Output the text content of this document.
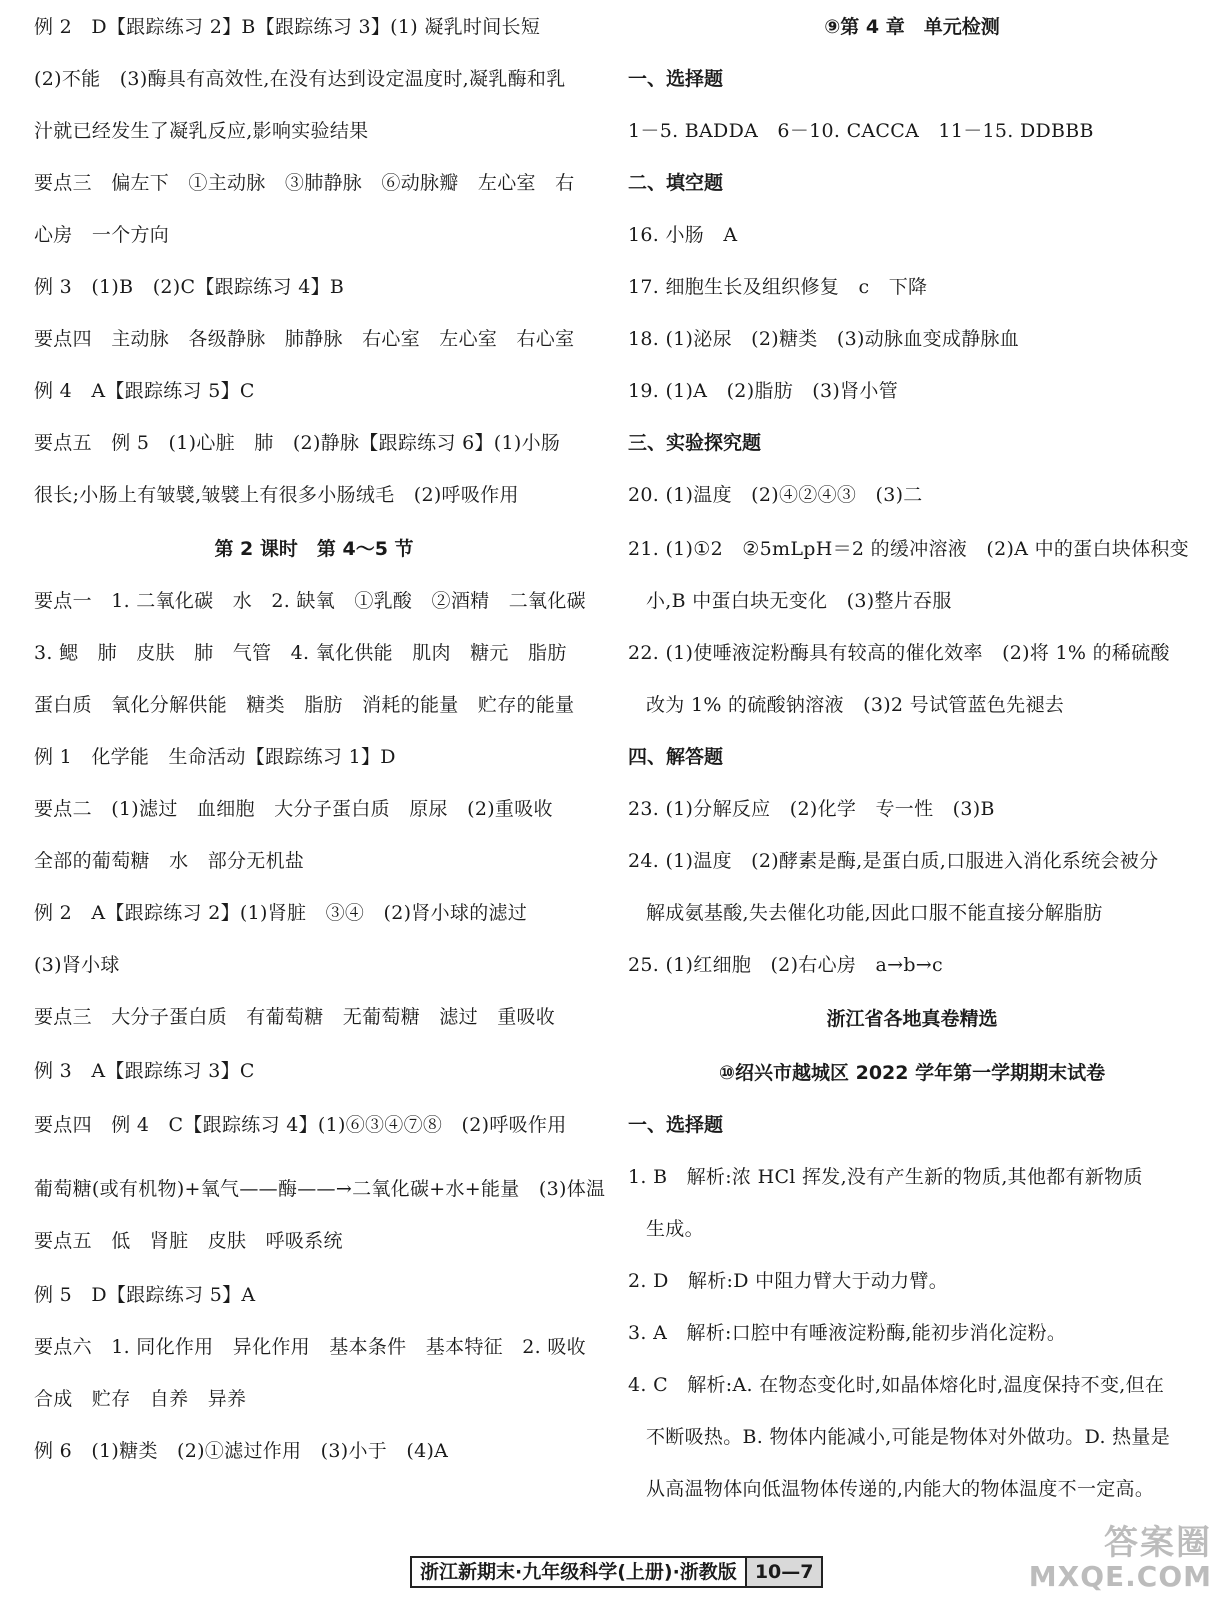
例 2　D【跟踪练习 2】B【跟踪练习 3】(1) 凝乳时间长短
(2)不能　(3)酶具有高效性,在没有达到设定温度时,凝乳酶和乳
汁就已经发生了凝乳反应,影响实验结果
要点三　偏左下　①主动脉　③肺静脉　⑥动脉瓣　左心室　右
心房　一个方向
例 3　(1)B　(2)C【跟踪练习 4】B
要点四　主动脉　各级静脉　肺静脉　右心室　左心室　右心室
例 4　A【跟踪练习 5】C
要点五　例 5　(1)心脏　肺　(2)静脉【跟踪练习 6】(1)小肠
很长;小肠上有皱襞,皱襞上有很多小肠绒毛　(2)呼吸作用
第 2 课时　第 4～5 节
要点一　1. 二氧化碳　水　2. 缺氧　①乳酸　②酒精　二氧化碳
3. 鳃　肺　皮肤　肺　气管　4. 氧化供能　肌肉　糖元　脂肪
蛋白质　氧化分解供能　糖类　脂肪　消耗的能量　贮存的能量
例 1　化学能　生命活动【跟踪练习 1】D
要点二　(1)滤过　血细胞　大分子蛋白质　原尿　(2)重吸收
全部的葡萄糖　水　部分无机盐
例 2　A【跟踪练习 2】(1)肾脏　③④　(2)肾小球的滤过
(3)肾小球
要点三　大分子蛋白质　有葡萄糖　无葡萄糖　滤过　重吸收
例 3　A【跟踪练习 3】C
要点四　例 4　C【跟踪练习 4】(1)⑥③④⑦⑧　(2)呼吸作用
葡萄糖(或有机物)+氧气——酶——→二氧化碳+水+能量　(3)体温
要点五　低　肾脏　皮肤　呼吸系统
例 5　D【跟踪练习 5】A
要点六　1. 同化作用　异化作用　基本条件　基本特征　2. 吸收
合成　贮存　自养　异养
例 6　(1)糖类　(2)①滤过作用　(3)小于　(4)A
⑨第 4 章　单元检测
一、选择题
1－5. BADDA　6－10. CACCA　11－15. DDBBB
二、填空题
16. 小肠　A
17. 细胞生长及组织修复　c　下降
18. (1)泌尿　(2)糖类　(3)动脉血变成静脉血
19. (1)A　(2)脂肪　(3)肾小管
三、实验探究题
20. (1)温度　(2)④②④③　(3)二
21. (1)①2　②5mLpH＝2 的缓冲溶液　(2)A 中的蛋白块体积变
小,B 中蛋白块无变化　(3)整片吞服
22. (1)使唾液淀粉酶具有较高的催化效率　(2)将 1% 的稀硫酸
改为 1% 的硫酸钠溶液　(3)2 号试管蓝色先褪去
四、解答题
23. (1)分解反应　(2)化学　专一性　(3)B
24. (1)温度　(2)酵素是酶,是蛋白质,口服进入消化系统会被分
解成氨基酸,失去催化功能,因此口服不能直接分解脂肪
25. (1)红细胞　(2)右心房　a→b→c
浙江省各地真卷精选
⑩绍兴市越城区 2022 学年第一学期期末试卷
一、选择题
1. B　解析:浓 HCl 挥发,没有产生新的物质,其他都有新物质
生成。
2. D　解析:D 中阻力臂大于动力臂。
3. A　解析:口腔中有唾液淀粉酶,能初步消化淀粉。
4. C　解析:A. 在物态变化时,如晶体熔化时,温度保持不变,但在
不断吸热。B. 物体内能减小,可能是物体对外做功。D. 热量是
从高温物体向低温物体传递的,内能大的物体温度不一定高。
浙江新期末·九年级科学(上册)·浙教版 10—7
答案圈
MXQE.COM
